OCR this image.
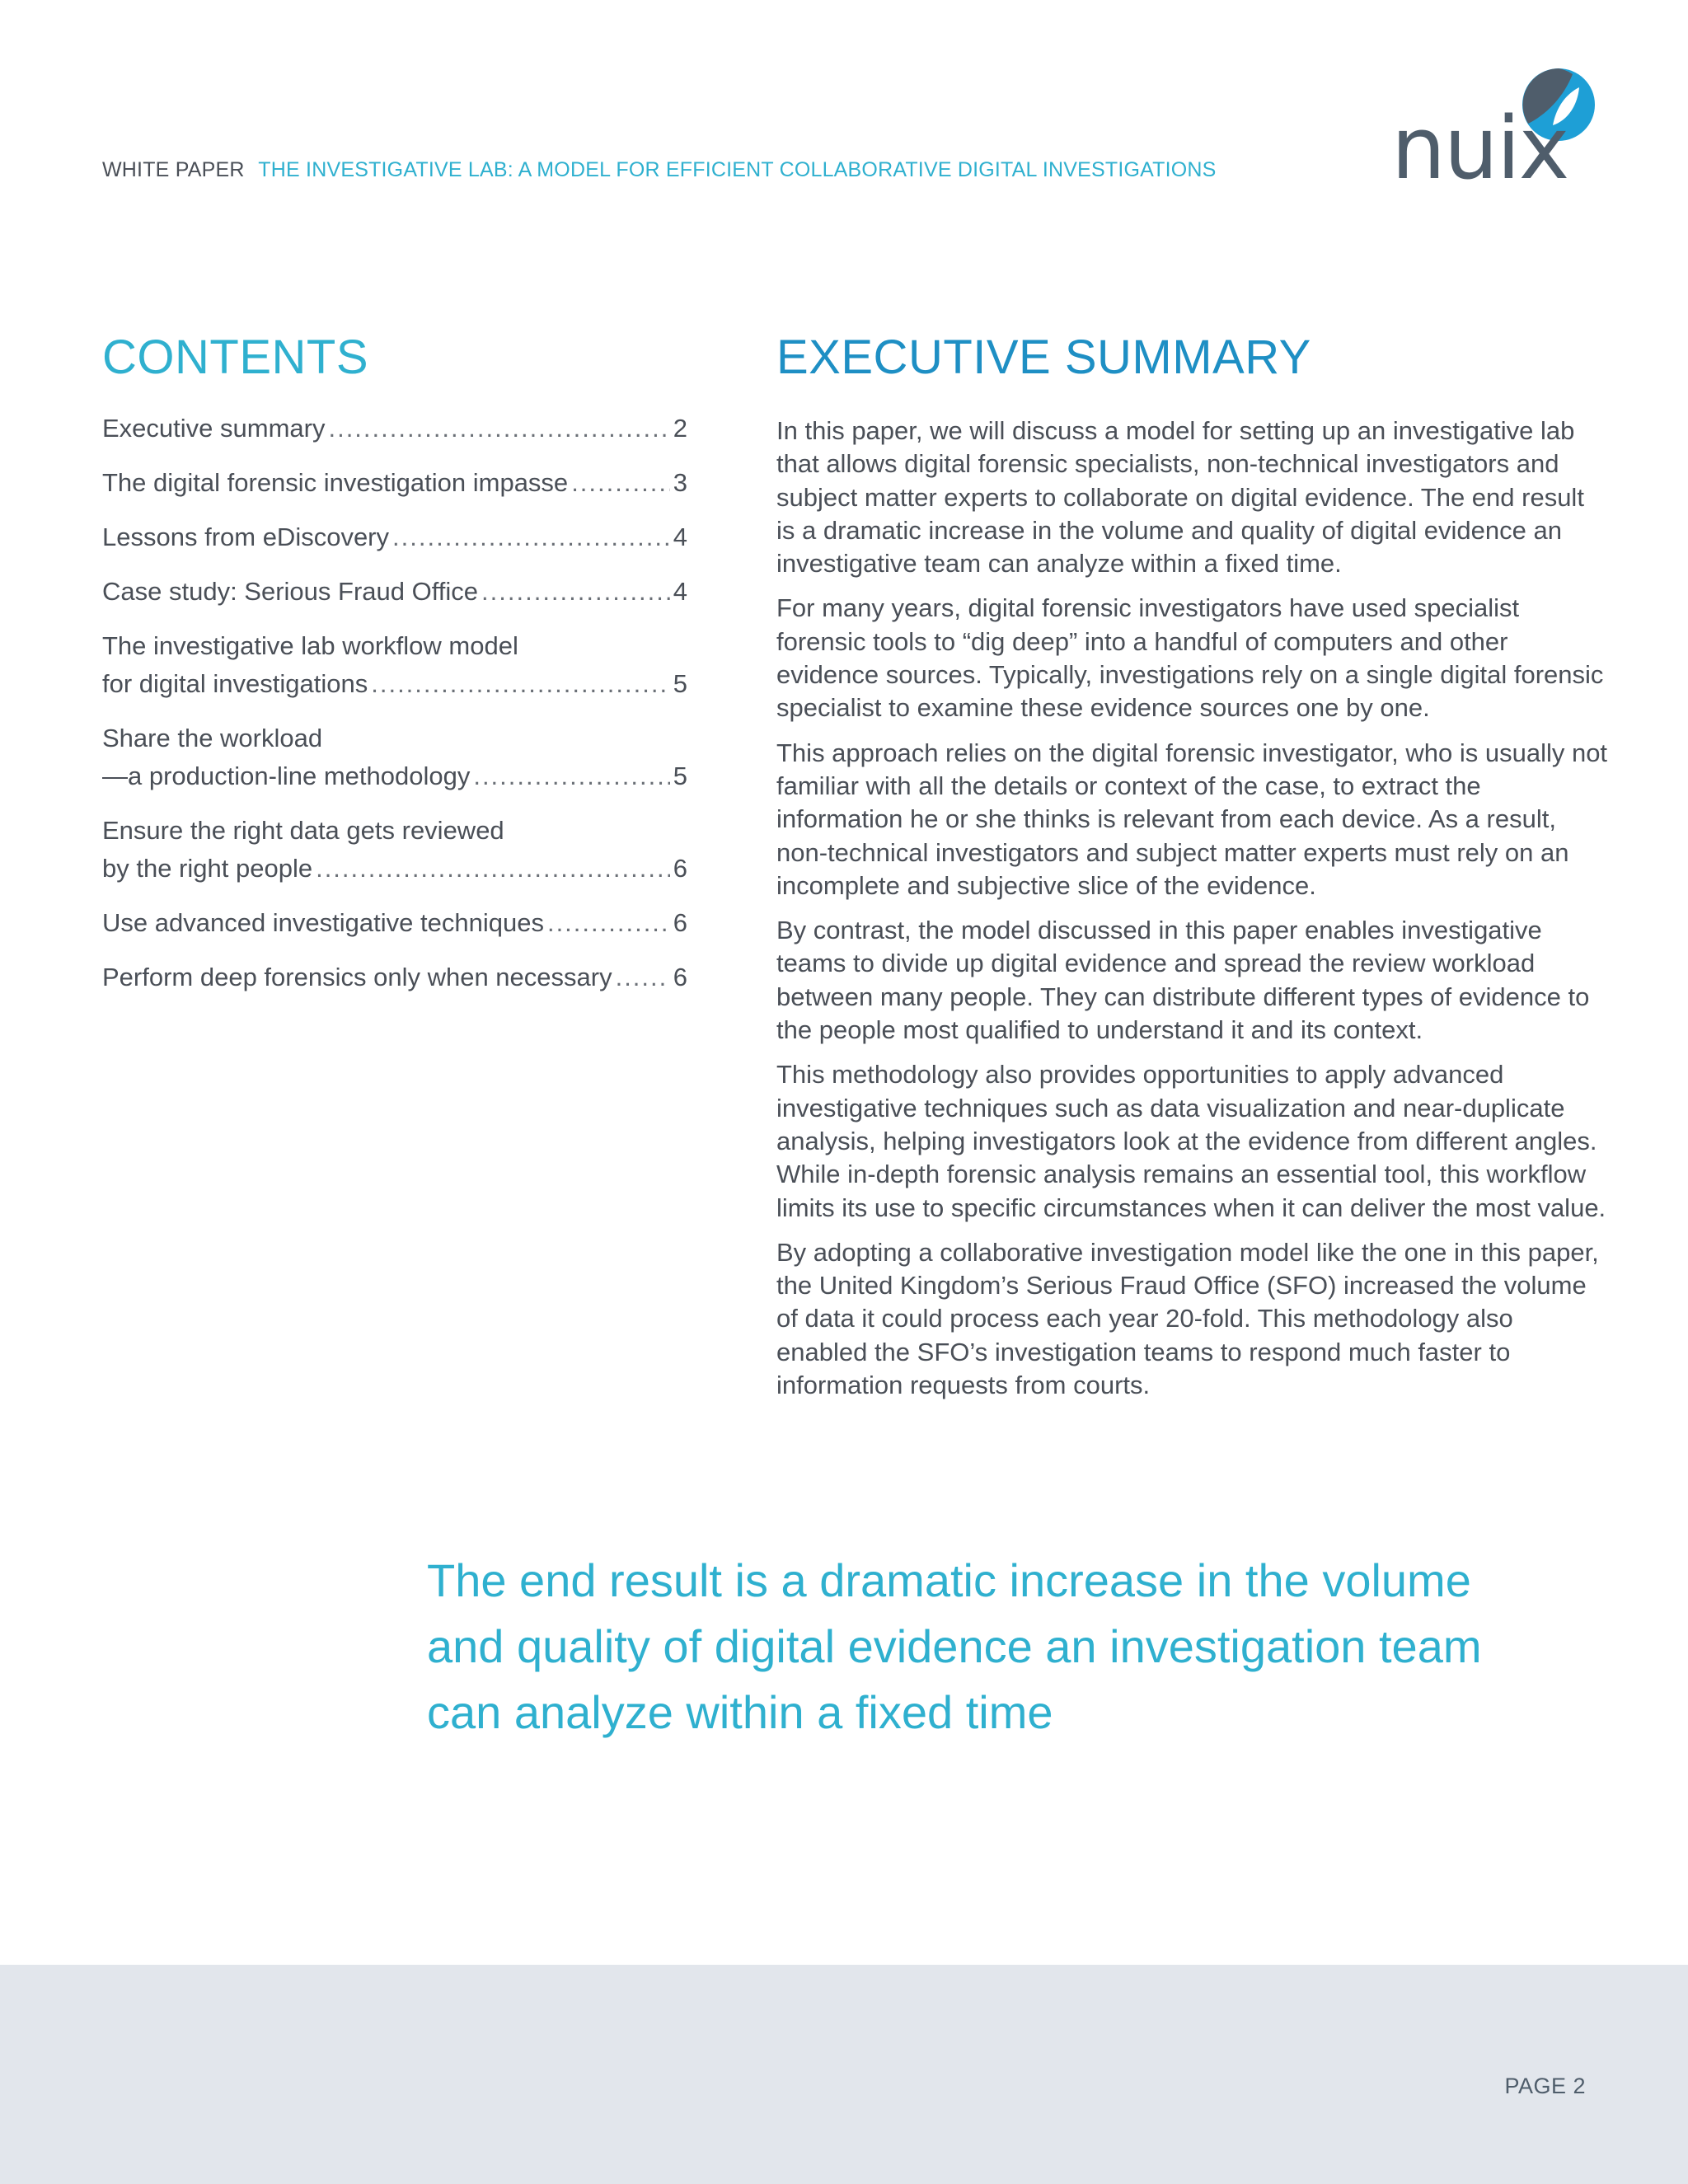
WHITE PAPER THE INVESTIGATIVE LAB: A MODEL FOR EFFICIENT COLLABORATIVE DIGITAL INVESTIGATIONS nuix
CONTENTS
Executive summary .....	2
The digital forensic investigation impasse .....	3
Lessons from eDiscovery .....	4
Case study: Serious Fraud Office .....	4
The investigative lab workflow model
for digital investigations .....	5
Share the workload
—a production-line methodology .....	5
Ensure the right data gets reviewed
by the right people .....	6
Use advanced investigative techniques .....	6
Perform deep forensics only when necessary ..... 6
EXECUTIVE SUMMARY

In this paper, we will discuss a model for setting up an investigative lab that allows digital forensic specialists, non-technical investigators and subject matter experts to collaborate on digital evidence. The end result is a dramatic increase in the volume and quality of digital evidence an investigative team can analyze within a fixed time.

For many years, digital forensic investigators have used specialist forensic tools to “dig deep” into a handful of computers and other evidence sources. Typically, investigations rely on a single digital forensic specialist to examine these evidence sources one by one.

This approach relies on the digital forensic investigator, who is usually not familiar with all the details or context of the case, to extract the information he or she thinks is relevant from each device. As a result, non-technical investigators and subject matter experts must rely on an incomplete and subjective slice of the evidence.

By contrast, the model discussed in this paper enables investigative teams to divide up digital evidence and spread the review workload between many people. They can distribute different types of evidence to the people most qualified to understand it and its context.

This methodology also provides opportunities to apply advanced investigative techniques such as data visualization and near-duplicate analysis, helping investigators look at the evidence from different angles. While in-depth forensic analysis remains an essential tool, this workflow limits its use to specific circumstances when it can deliver the most value.

By adopting a collaborative investigation model like the one in this paper, the United Kingdom’s Serious Fraud Office (SFO) increased the volume of data it could process each year 20-fold. This methodology also enabled the SFO’s investigation teams to respond much faster to information requests from courts.

The end result is a dramatic increase in the volume and quality of digital evidence an investigation team can analyze within a fixed time
PAGE 2
